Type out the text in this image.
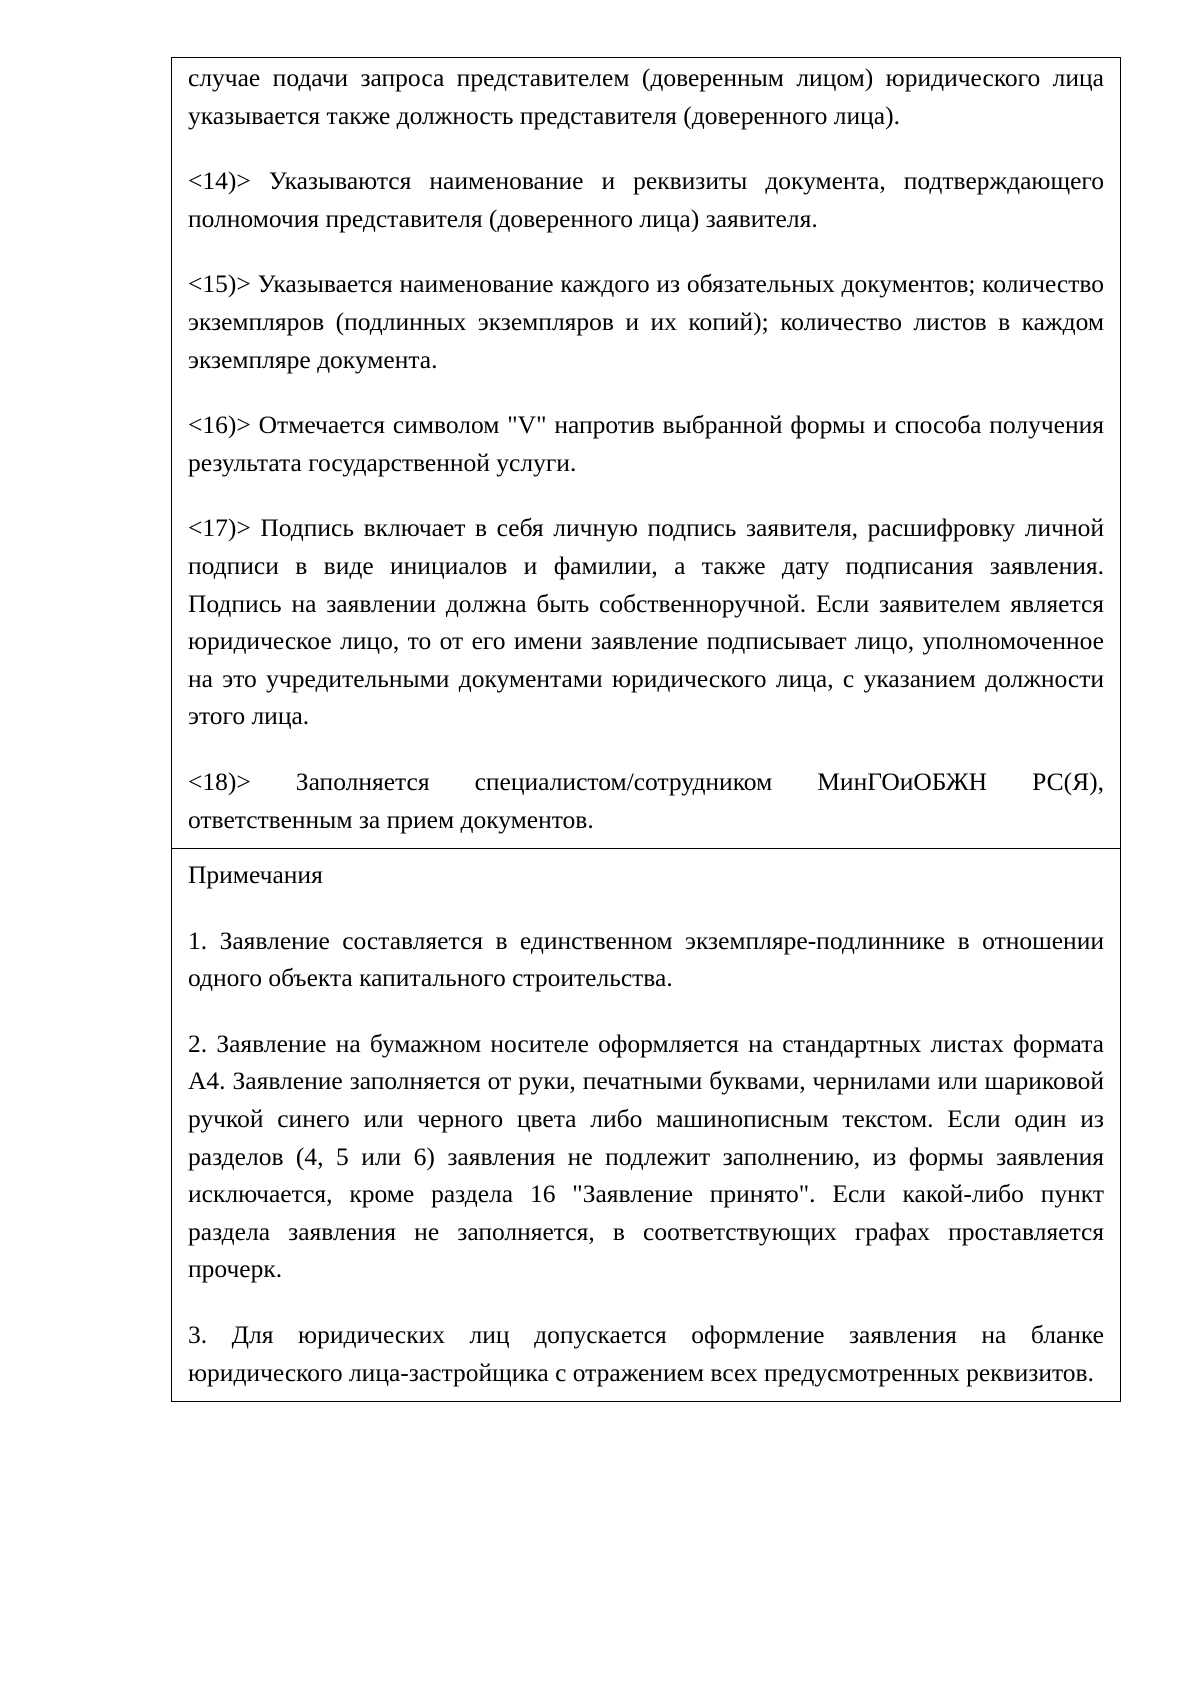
случае подачи запроса представителем (доверенным лицом) юридического лица указывается также должность представителя (доверенного лица).

<14)> Указываются наименование и реквизиты документа, подтверждающего полномочия представителя (доверенного лица) заявителя.

<15)> Указывается наименование каждого из обязательных документов; количество экземпляров (подлинных экземпляров и их копий); количество листов в каждом экземпляре документа.

<16)> Отмечается символом "V" напротив выбранной формы и способа получения результата государственной услуги.

<17)> Подпись включает в себя личную подпись заявителя, расшифровку личной подписи в виде инициалов и фамилии, а также дату подписания заявления. Подпись на заявлении должна быть собственноручной. Если заявителем является юридическое лицо, то от его имени заявление подписывает лицо, уполномоченное на это учредительными документами юридического лица, с указанием должности этого лица.

<18)> Заполняется специалистом/сотрудником МинГОиОБЖН РС(Я), ответственным за прием документов.

Примечания

1. Заявление составляется в единственном экземпляре-подлиннике в отношении одного объекта капитального строительства.

2. Заявление на бумажном носителе оформляется на стандартных листах формата А4. Заявление заполняется от руки, печатными буквами, чернилами или шариковой ручкой синего или черного цвета либо машинописным текстом. Если один из разделов (4, 5 или 6) заявления не подлежит заполнению, из формы заявления исключается, кроме раздела 16 "Заявление принято". Если какой-либо пункт раздела заявления не заполняется, в соответствующих графах проставляется прочерк.

3. Для юридических лиц допускается оформление заявления на бланке юридического лица-застройщика с отражением всех предусмотренных реквизитов.
